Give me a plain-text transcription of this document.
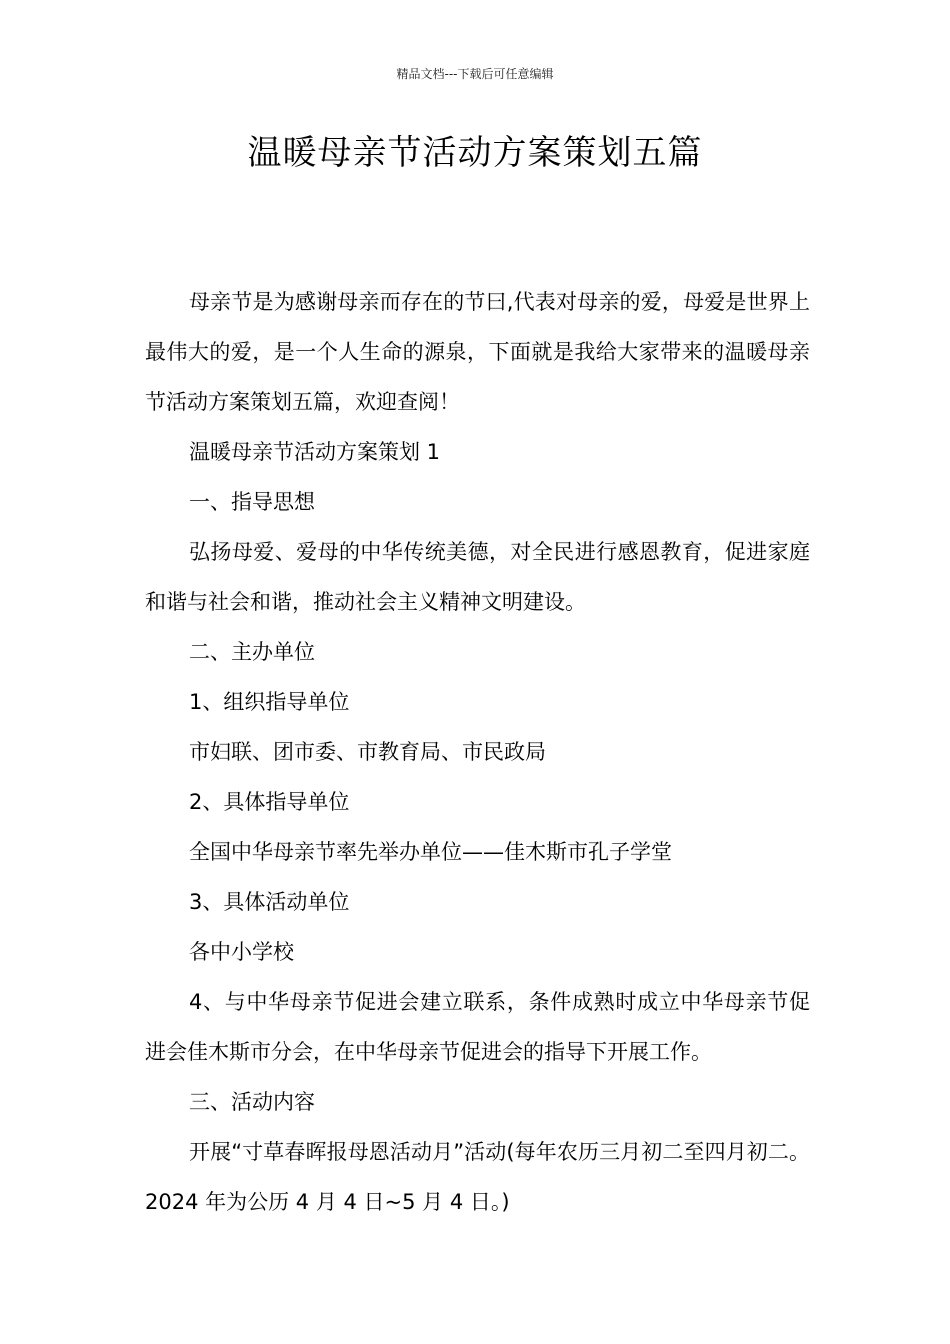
精品文档---下载后可任意编辑
温暖母亲节活动方案策划五篇

母亲节是为感谢母亲而存在的节曰,代表对母亲的爱，母爱是世界上最伟大的爱，是一个人生命的源泉，下面就是我给大家带来的温暖母亲节活动方案策划五篇，欢迎查阅！

温暖母亲节活动方案策划 1

一、指导思想

弘扬母爱、爱母的中华传统美德，对全民进行感恩教育，促进家庭和谐与社会和谐，推动社会主义精神文明建设。

二、主办单位

1、组织指导单位

市妇联、团市委、市教育局、市民政局

2、具体指导单位

全国中华母亲节率先举办单位——佳木斯市孔子学堂

3、具体活动单位

各中小学校

4、与中华母亲节促进会建立联系，条件成熟时成立中华母亲节促进会佳木斯市分会，在中华母亲节促进会的指导下开展工作。

三、活动内容

开展“寸草春晖报母恩活动月”活动(每年农历三月初二至四月初二。2024 年为公历 4 月 4 日~5 月 4 日。)
